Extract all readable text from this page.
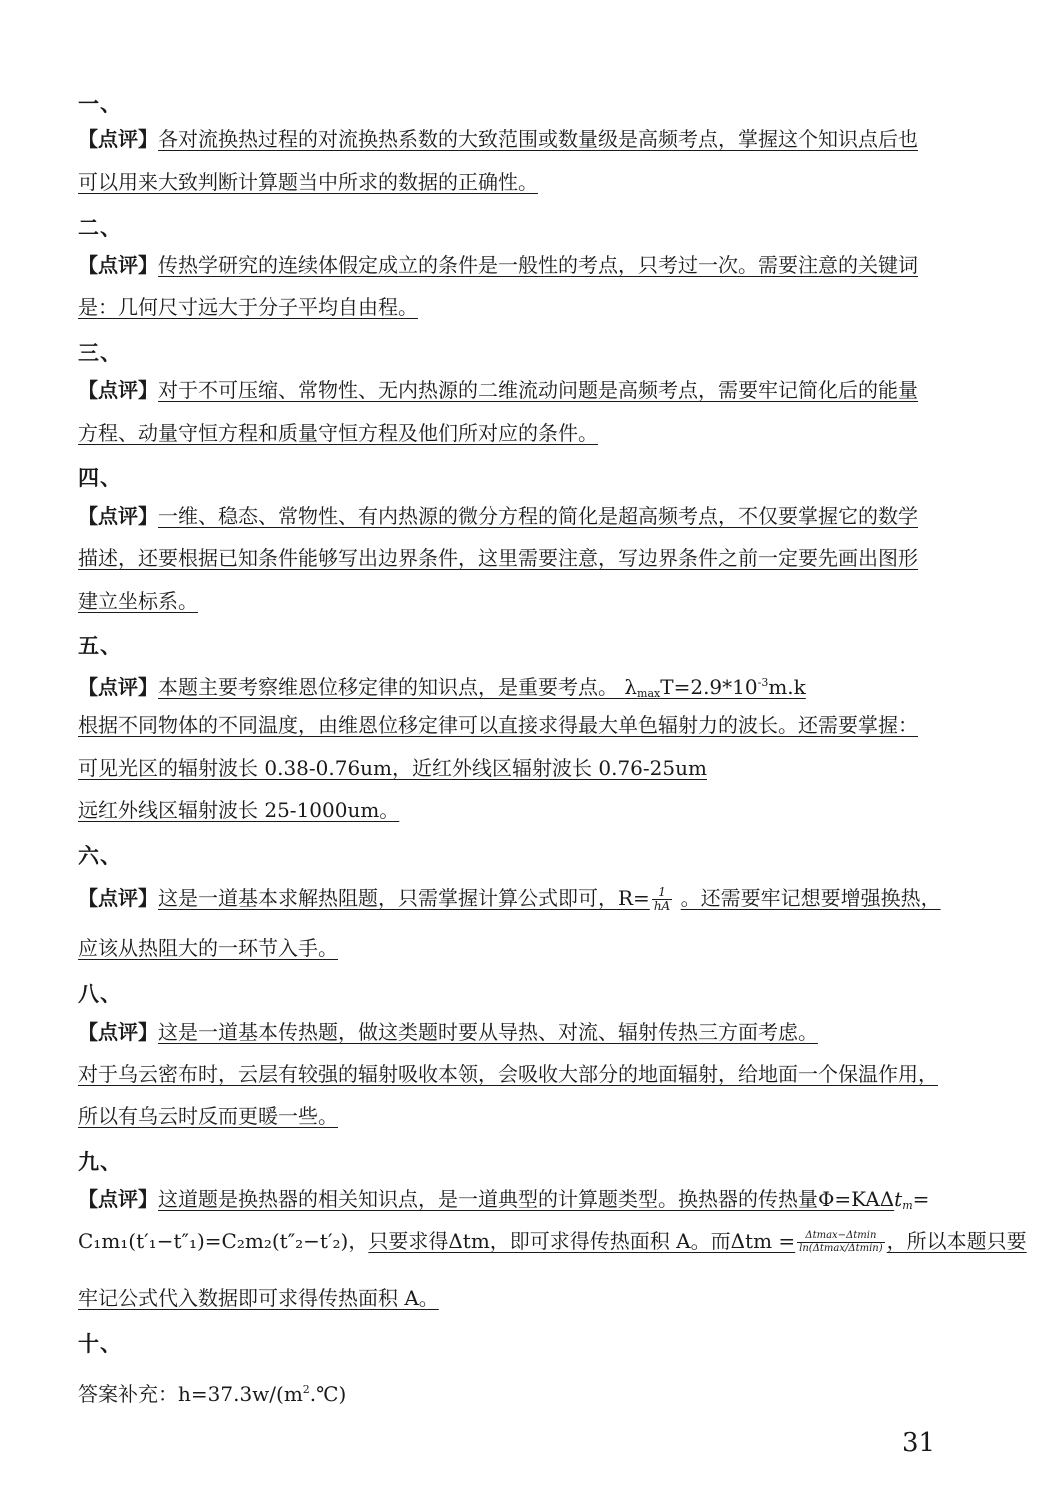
一、
【点评】各对流换热过程的对流换热系数的大致范围或数量级是高频考点，掌握这个知识点后也
可以用来大致判断计算题当中所求的数据的正确性。
二、
【点评】传热学研究的连续体假定成立的条件是一般性的考点，只考过一次。需要注意的关键词
是：几何尺寸远大于分子平均自由程。
三、
【点评】对于不可压缩、常物性、无内热源的二维流动问题是高频考点，需要牢记简化后的能量
方程、动量守恒方程和质量守恒方程及他们所对应的条件。
四、
【点评】一维、稳态、常物性、有内热源的微分方程的简化是超高频考点，不仅要掌握它的数学
描述，还要根据已知条件能够写出边界条件，这里需要注意，写边界条件之前一定要先画出图形
建立坐标系。
五、
【点评】本题主要考察维恩位移定律的知识点，是重要考点。 $\lambda_{max}T=2.9*10^{-3}m.k$
根据不同物体的不同温度，由维恩位移定律可以直接求得最大单色辐射力的波长。还需要掌握：
可见光区的辐射波长 0.38-0.76um，近红外线区辐射波长 0.76-25um
远红外线区辐射波长 25-1000um。
六、
【点评】这是一道基本求解热阻题，只需掌握计算公式即可，$R= \frac{1}{hA}$ 。还需要牢记想要增强换热，
应该从热阻大的一环节入手。
八、
【点评】这是一道基本传热题，做这类题时要从导热、对流、辐射传热三方面考虑。
对于乌云密布时，云层有较强的辐射吸收本领，会吸收大部分的地面辐射，给地面一个保温作用，
所以有乌云时反而更暖一些。
九、
【点评】这道题是换热器的相关知识点，是一道典型的计算题类型。换热器的传热量Φ=KAΔt$_m$=
C₁m₁(t′₁−t″₁)=C₂m₂(t″₂−t′₂)，只要求得Δtm，即可求得传热面积 A。而$\Delta tm = \frac{\Delta tmax-\Delta tmin}{\ln(\Delta tmax/\Delta tmin)}$ ，所以本题只要
牢记公式代入数据即可求得传热面积 A。
十、
答案补充：$h=37.3w/(m^2.℃)$
31
